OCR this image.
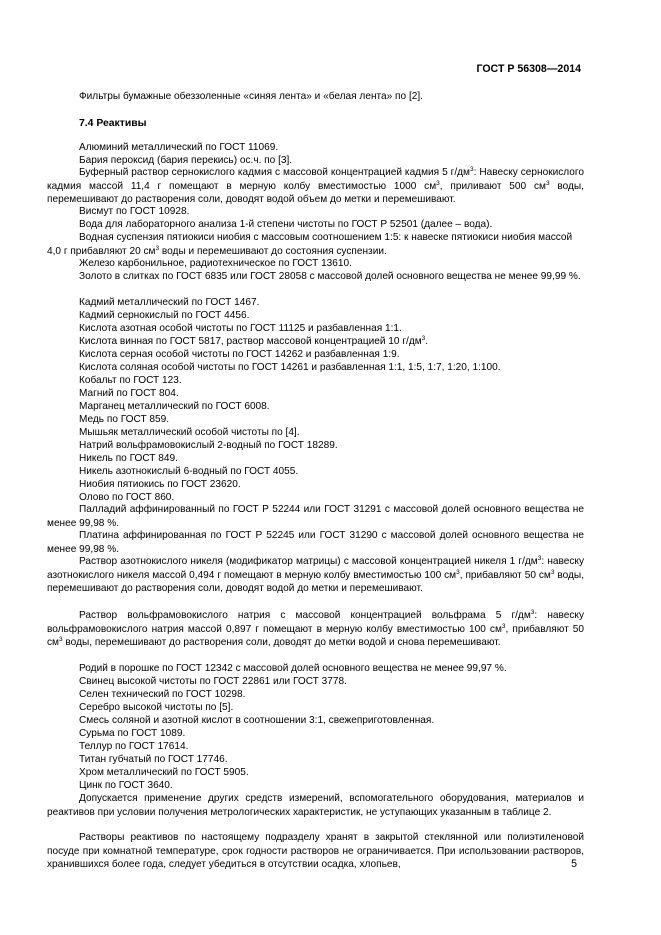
ГОСТ Р 56308—2014
Фильтры бумажные обеззоленные «синяя лента» и «белая лента» по [2].
7.4 Реактивы
Алюминий металлический по ГОСТ 11069.
Бария пероксид (бария перекись) ос.ч. по [3].
Буферный раствор сернокислого кадмия с массовой концентрацией кадмия 5 $г/дм^3$: Навеску сернокислого кадмия массой 11,4 г помещают в мерную колбу вместимостью 1000 $см^3$, приливают 500 $см^3$ воды, перемешивают до растворения соли, доводят водой объем до метки и перемешивают.
Висмут по ГОСТ 10928.
Вода для лабораторного анализа 1-й степени чистоты по ГОСТ Р 52501 (далее – вода).
Водная суспензия пятиокиси ниобия с массовым соотношением 1:5: к навеске пятиокиси ниобия массой 4,0 г прибавляют 20 $см^3$ воды и перемешивают до состояния суспензии.
Железо карбонильное, радиотехническое по ГОСТ 13610.
Золото в слитках по ГОСТ 6835 или ГОСТ 28058 с массовой долей основного вещества не менее 99,99 %.
Кадмий металлический по ГОСТ 1467.
Кадмий сернокислый по ГОСТ 4456.
Кислота азотная особой чистоты по ГОСТ 11125 и разбавленная 1:1.
Кислота винная по ГОСТ 5817, раствор массовой концентрацией 10 $г/дм^3$.
Кислота серная особой чистоты по ГОСТ 14262 и разбавленная 1:9.
Кислота соляная особой чистоты по ГОСТ 14261 и разбавленная 1:1, 1:5, 1:7, 1:20, 1:100.
Кобальт по ГОСТ 123.
Магний по ГОСТ 804.
Марганец металлический по ГОСТ 6008.
Медь по ГОСТ 859.
Мышьяк металлический особой чистоты по [4].
Натрий вольфрамовокислый 2-водный по ГОСТ 18289.
Никель по ГОСТ 849.
Никель азотнокислый 6-водный по ГОСТ 4055.
Ниобия пятиокись по ГОСТ 23620.
Олово по ГОСТ 860.
Палладий аффинированный по ГОСТ Р 52244 или ГОСТ 31291 с массовой долей основного вещества не менее 99,98 %.
Платина аффинированная по ГОСТ Р 52245 или ГОСТ 31290 с массовой долей основного вещества не менее 99,98 %.
Раствор азотнокислого никеля (модификатор матрицы) с массовой концентрацией никеля 1 $г/дм^3$: навеску азотнокислого никеля массой 0,494 г помещают в мерную колбу вместимостью 100 $см^3$, прибавляют 50 $см^3$ воды, перемешивают до растворения соли, доводят водой до метки и перемешивают.
Раствор вольфрамовокислого натрия с массовой концентрацией вольфрама 5 $г/дм^3$: навеску вольфрамовокислого натрия массой 0,897 г помещают в мерную колбу вместимостью 100 $см^3$, прибавляют 50 $см^3$ воды, перемешивают до растворения соли, доводят до метки водой и снова перемешивают.
Родий в порошке по ГОСТ 12342 с массовой долей основного вещества не менее 99,97 %.
Свинец высокой чистоты по ГОСТ 22861 или ГОСТ 3778.
Селен технический по ГОСТ 10298.
Серебро высокой чистоты по [5].
Смесь соляной и азотной кислот в соотношении 3:1, свежеприготовленная.
Сурьма по ГОСТ 1089.
Теллур по ГОСТ 17614.
Титан губчатый по ГОСТ 17746.
Хром металлический по ГОСТ 5905.
Цинк по ГОСТ 3640.
Допускается применение других средств измерений, вспомогательного оборудования, материалов и реактивов при условии получения метрологических характеристик, не уступающих указанным в таблице 2.
Растворы реактивов по настоящему подразделу хранят в закрытой стеклянной или полиэтиленовой посуде при комнатной температуре, срок годности растворов не ограничивается. При использовании растворов, хранившихся более года, следует убедиться в отсутствии осадка, хлопьев,	5
